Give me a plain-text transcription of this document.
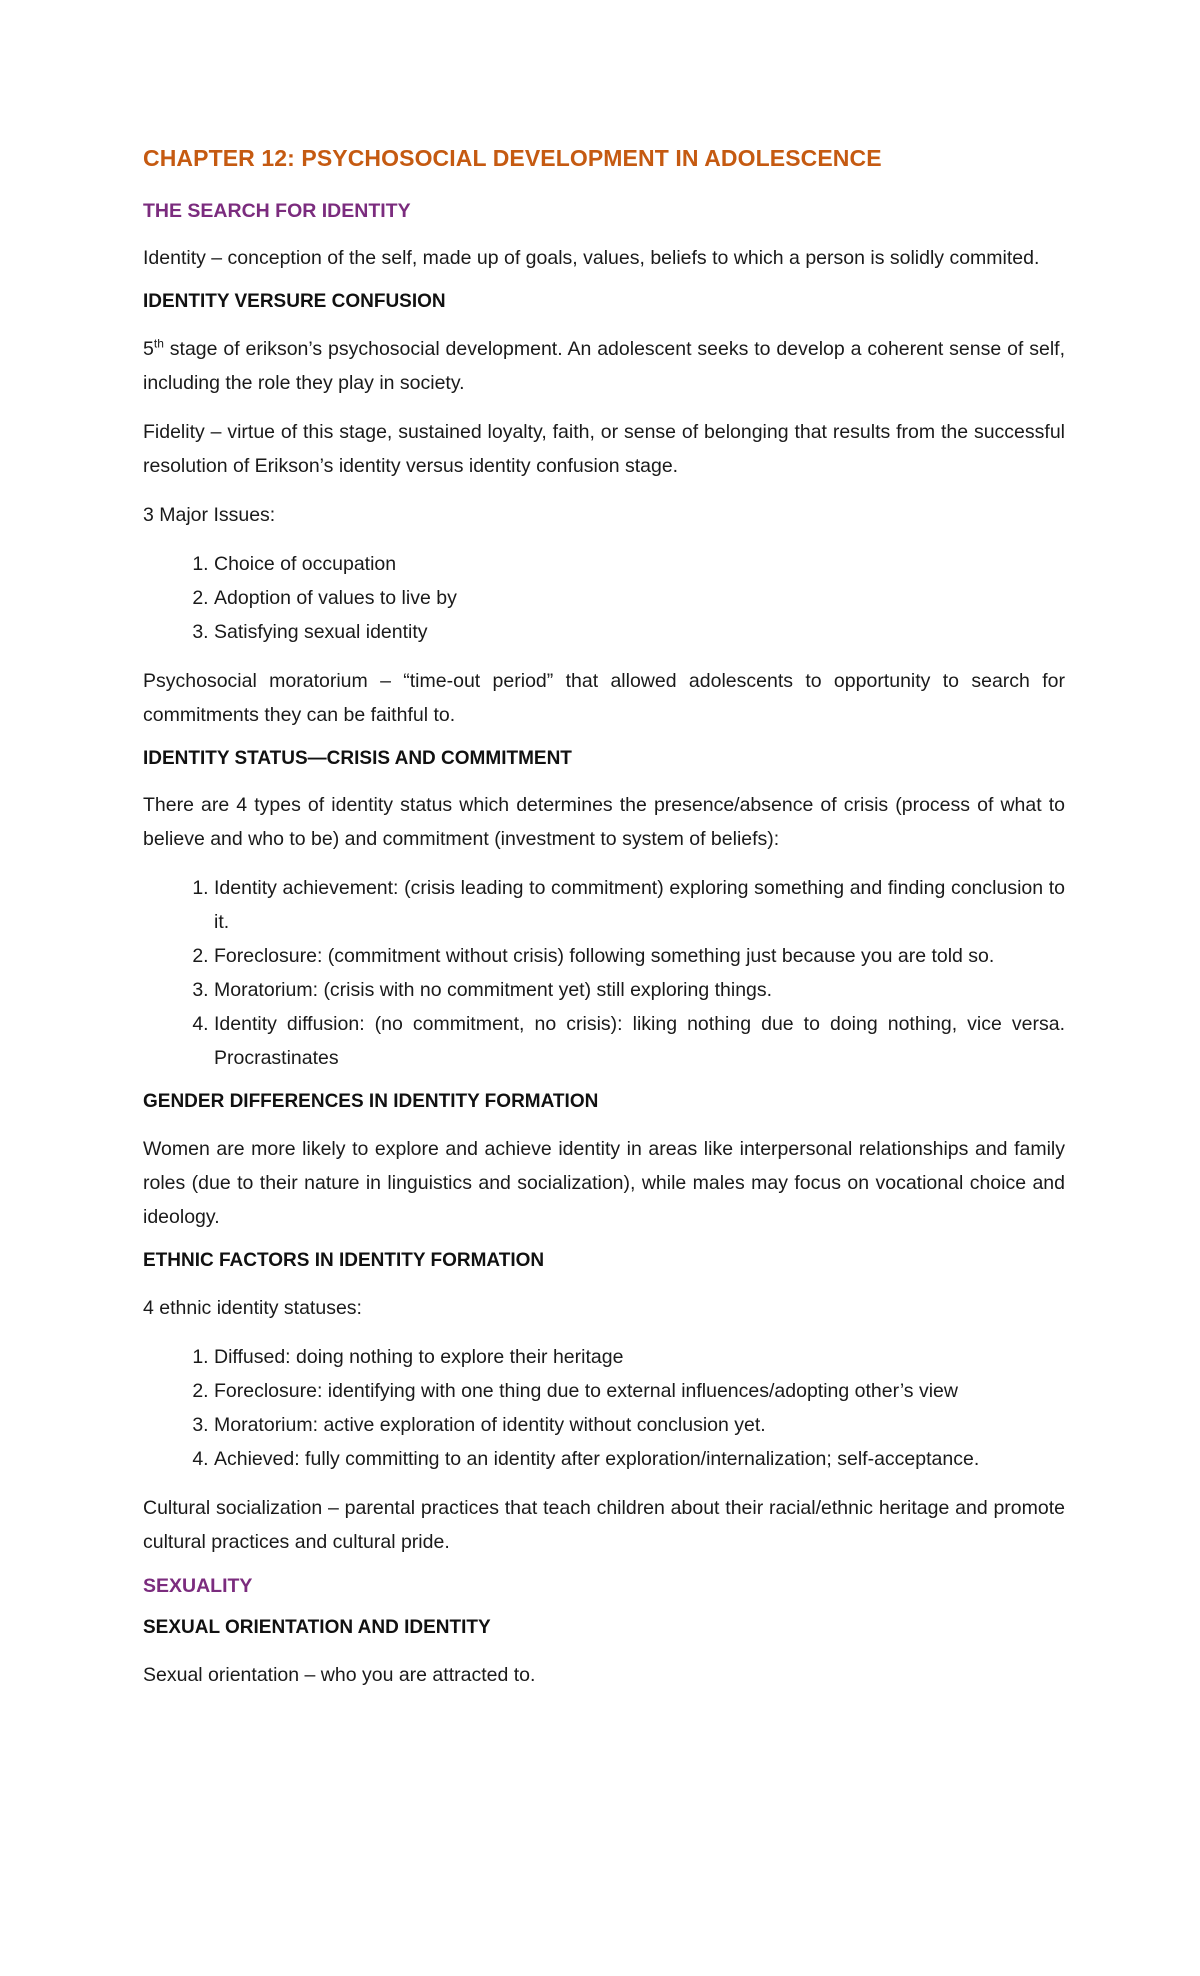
CHAPTER 12: PSYCHOSOCIAL DEVELOPMENT IN ADOLESCENCE
THE SEARCH FOR IDENTITY

Identity – conception of the self, made up of goals, values, beliefs to which a person is solidly commited.

IDENTITY VERSURE CONFUSION

5th stage of erikson’s psychosocial development. An adolescent seeks to develop a coherent sense of self, including the role they play in society.

Fidelity – virtue of this stage, sustained loyalty, faith, or sense of belonging that results from the successful resolution of Erikson’s identity versus identity confusion stage.

3 Major Issues:

1. Choice of occupation
2. Adoption of values to live by
3. Satisfying sexual identity

Psychosocial moratorium – “time-out period” that allowed adolescents to opportunity to search for commitments they can be faithful to.

IDENTITY STATUS—CRISIS AND COMMITMENT

There are 4 types of identity status which determines the presence/absence of crisis (process of what to believe and who to be) and commitment (investment to system of beliefs):

1. Identity achievement: (crisis leading to commitment) exploring something and finding conclusion to it.
2. Foreclosure: (commitment without crisis) following something just because you are told so.
3. Moratorium: (crisis with no commitment yet) still exploring things.
4. Identity diffusion: (no commitment, no crisis): liking nothing due to doing nothing, vice versa. Procrastinates
GENDER DIFFERENCES IN IDENTITY FORMATION

Women are more likely to explore and achieve identity in areas like interpersonal relationships and family roles (due to their nature in linguistics and socialization), while males may focus on vocational choice and ideology.

ETHNIC FACTORS IN IDENTITY FORMATION

4 ethnic identity statuses:

1. Diffused: doing nothing to explore their heritage
2. Foreclosure: identifying with one thing due to external influences/adopting other’s view
3. Moratorium: active exploration of identity without conclusion yet.
4. Achieved: fully committing to an identity after exploration/internalization; self-acceptance.

Cultural socialization – parental practices that teach children about their racial/ethnic heritage and promote cultural practices and cultural pride.

SEXUALITY
SEXUAL ORIENTATION AND IDENTITY

Sexual orientation – who you are attracted to.
